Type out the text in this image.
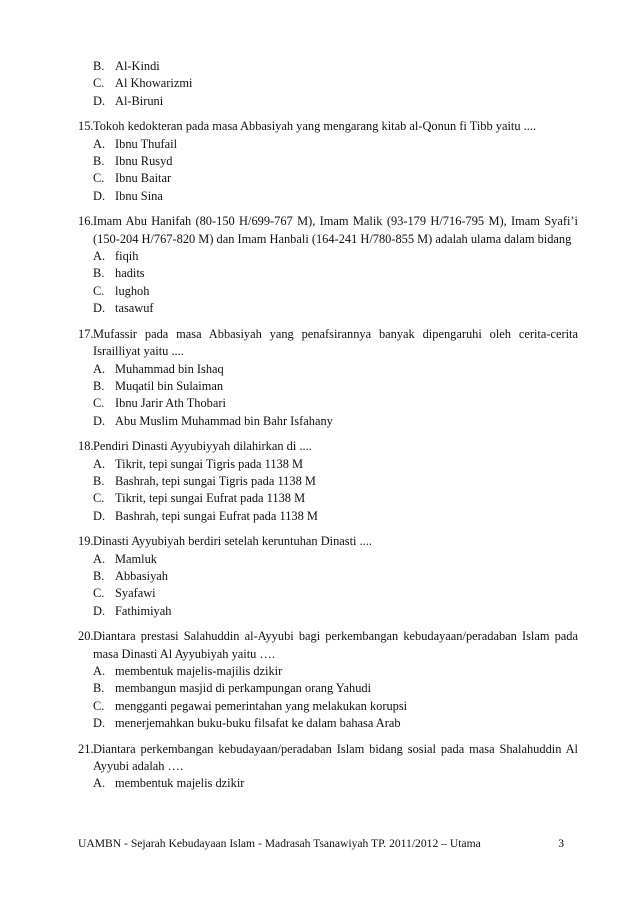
B. Al-Kindi
C. Al Khowarizmi
D. Al-Biruni
15. Tokoh kedokteran pada masa Abbasiyah yang mengarang kitab al-Qonun fi Tibb yaitu ....
A. Ibnu Thufail
B. Ibnu Rusyd
C. Ibnu Baitar
D. Ibnu Sina
16. Imam Abu Hanifah (80-150 H/699-767 M), Imam Malik (93-179 H/716-795 M), Imam Syafi’i (150-204 H/767-820 M) dan Imam Hanbali (164-241 H/780-855 M) adalah ulama dalam bidang
A. fiqih
B. hadits
C. lughoh
D. tasawuf
17. Mufassir pada masa Abbasiyah yang penafsirannya banyak dipengaruhi oleh cerita-cerita Israilliyat yaitu ....
A. Muhammad bin Ishaq
B. Muqatil bin Sulaiman
C. Ibnu Jarir Ath Thobari
D. Abu Muslim Muhammad bin Bahr Isfahany
18. Pendiri Dinasti Ayyubiyyah dilahirkan di ....
A. Tikrit, tepi sungai Tigris pada 1138 M
B. Bashrah, tepi sungai Tigris pada 1138 M
C. Tikrit, tepi sungai Eufrat pada 1138 M
D. Bashrah, tepi sungai Eufrat pada 1138 M
19. Dinasti Ayyubiyah berdiri setelah keruntuhan Dinasti ....
A. Mamluk
B. Abbasiyah
C. Syafawi
D. Fathimiyah
20. Diantara prestasi Salahuddin al-Ayyubi bagi perkembangan kebudayaan/peradaban Islam pada masa Dinasti Al Ayyubiyah yaitu ….
A. membentuk majelis-majilis dzikir
B. membangun masjid di perkampungan orang Yahudi
C. mengganti pegawai pemerintahan yang melakukan korupsi
D. menerjemahkan buku-buku filsafat ke dalam bahasa Arab
21. Diantara perkembangan kebudayaan/peradaban Islam bidang sosial pada masa Shalahuddin Al Ayyubi adalah ….
A. membentuk majelis dzikir
UAMBN - Sejarah Kebudayaan Islam - Madrasah Tsanawiyah TP. 2011/2012 – Utama	3
